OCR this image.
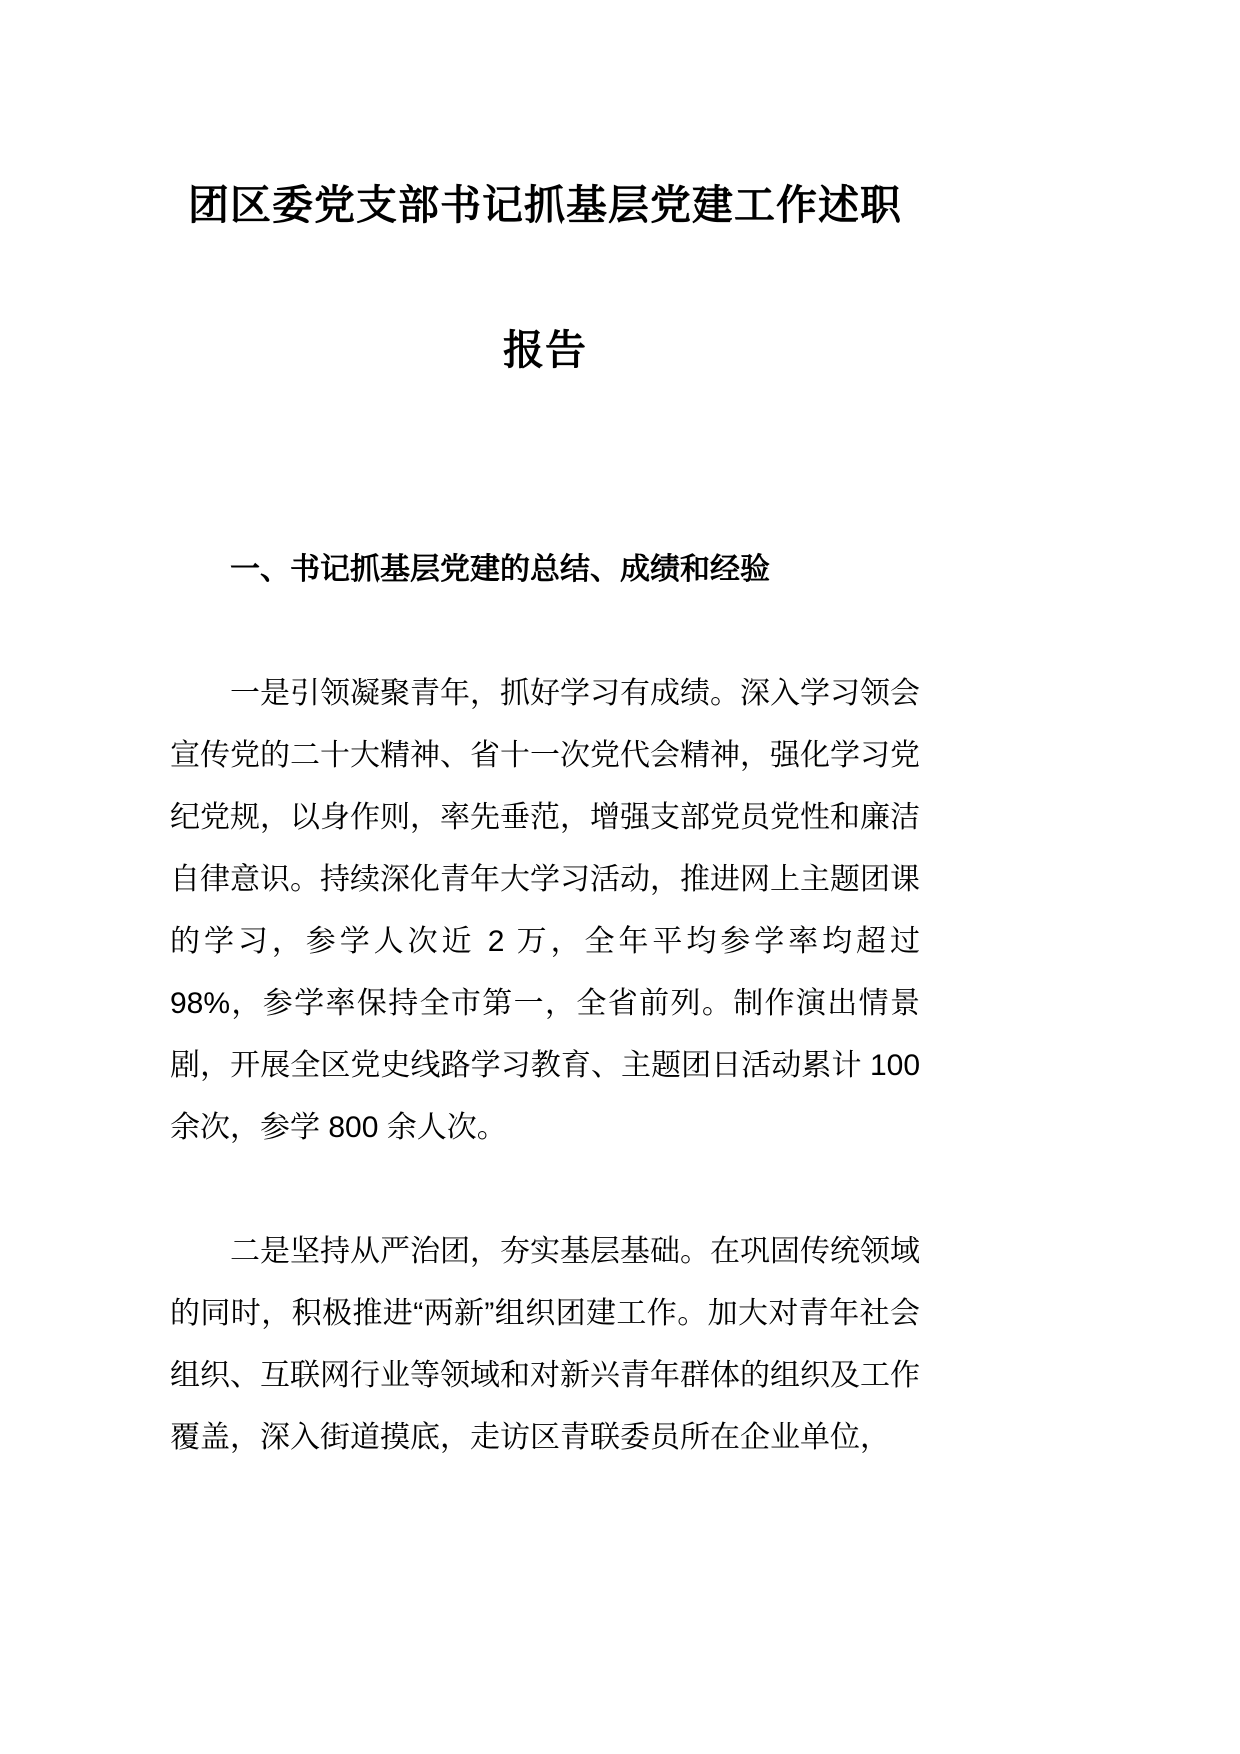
团区委党支部书记抓基层党建工作述职报告
一、书记抓基层党建的总结、成绩和经验

一是引领凝聚青年，抓好学习有成绩。深入学习领会宣传党的二十大精神、省十一次党代会精神，强化学习党纪党规，以身作则，率先垂范，增强支部党员党性和廉洁自律意识。持续深化青年大学习活动，推进网上主题团课的学习，参学人次近 2 万，全年平均参学率均超过 98%，参学率保持全市第一，全省前列。制作演出情景剧，开展全区党史线路学习教育、主题团日活动累计 100 余次，参学 800 余人次。

二是坚持从严治团，夯实基层基础。在巩固传统领域的同时，积极推进“两新”组织团建工作。加大对青年社会组织、互联网行业等领域和对新兴青年群体的组织及工作覆盖，深入街道摸底，走访区青联委员所在企业单位，
